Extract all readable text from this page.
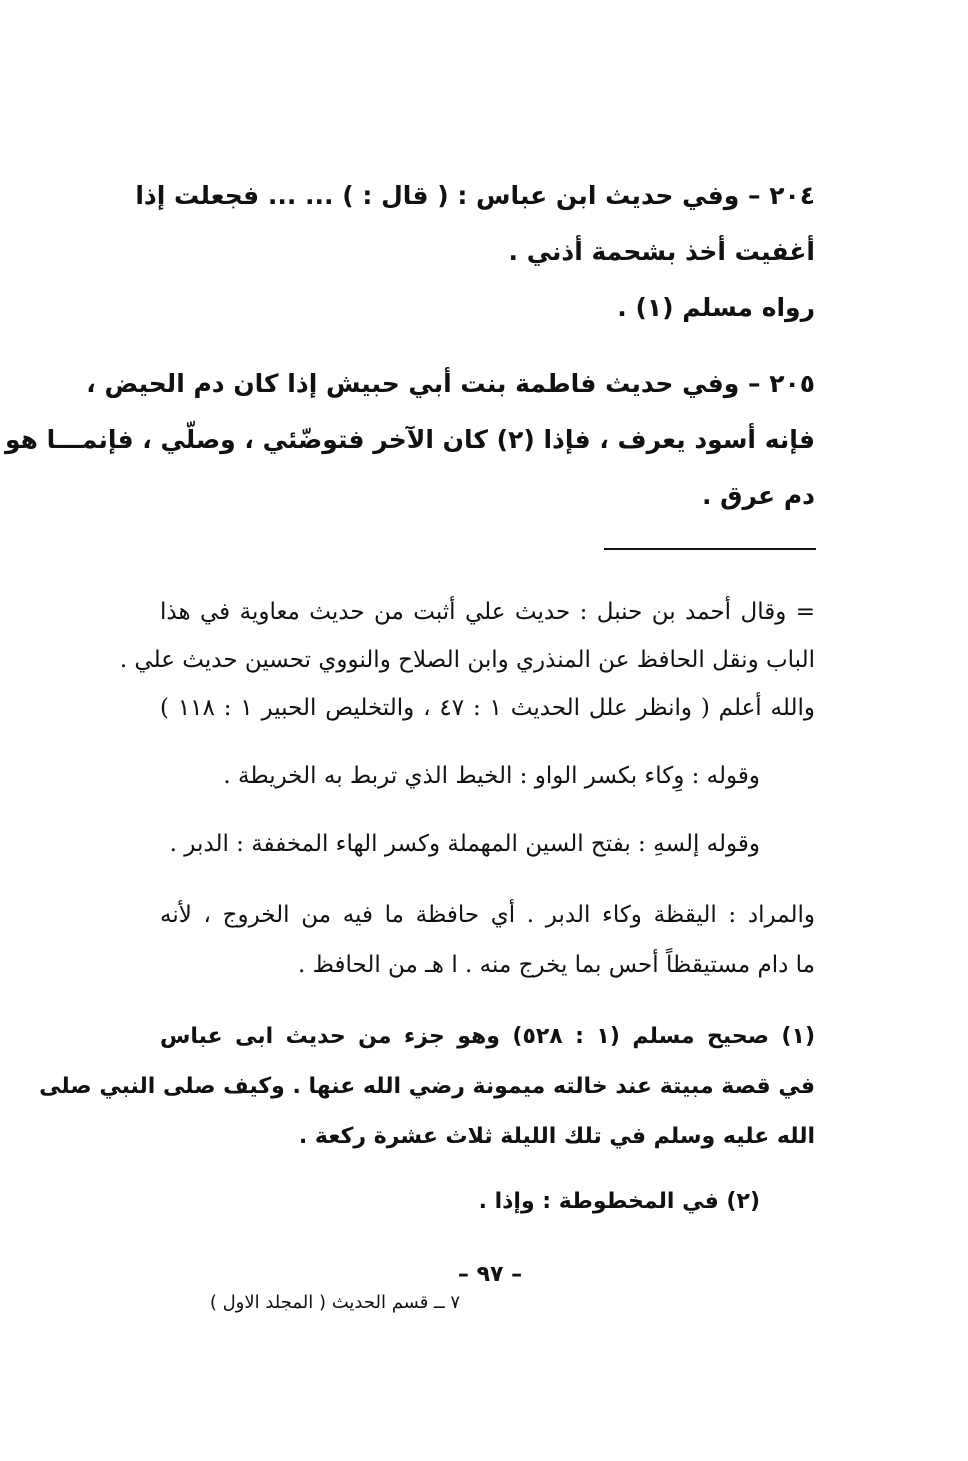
٢٠٤ – وفي حديث ابن عباس : ( قال : ) ... ... فجعلت إذا
أغفيت أخذ بشحمة أذني .
رواه مسلم (١) .
٢٠٥ – وفي حديث فاطمة بنت أبي حبيش إذا كان دم الحيض ،
فإنه أسود يعرف ، فإذا (٢) كان الآخر فتوضّئي ، وصلّي ، فإنمـــا هو
دم عرق .
= وقال أحمد بن حنبل : حديث علي أثبت من حديث معاوية في هذا
الباب ونقل الحافظ عن المنذري وابن الصلاح والنووي تحسين حديث علي .
والله أعلم ( وانظر علل الحديث ١ : ٤٧ ، والتخليص الحبير ١ : ١١٨ )
وقوله : وِكاء بكسر الواو : الخيط الذي تربط به الخريطة .
وقوله إلسهِ : بفتح السين المهملة وكسر الهاء المخففة : الدبر .
والمراد : اليقظة وكاء الدبر . أي حافظة ما فيه من الخروج ، لأنه
ما دام مستيقظاً أحس بما يخرج منه . ا هـ من الحافظ .
(١) صحيح مسلم (١ : ٥٢٨) وهو جزء من حديث ابى عباس
في قصة مبيتة عند خالته ميمونة رضي الله عنها . وكيف صلى النبي صلى
الله عليه وسلم في تلك الليلة ثلاث عشرة ركعة .
(٢) في المخطوطة : وإذا .
– ٩٧ –
٧ ــ قسم الحديث ( المجلد الاول )
